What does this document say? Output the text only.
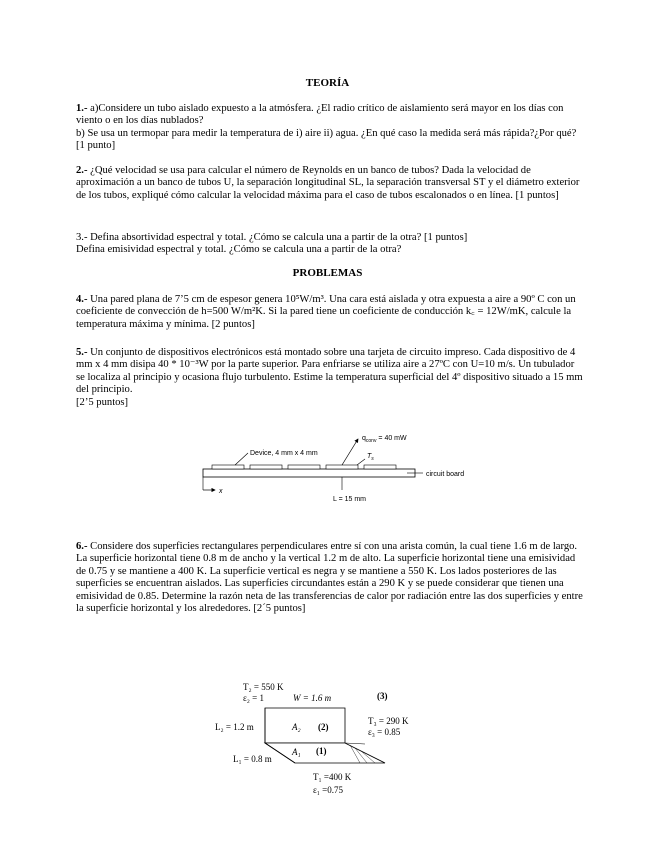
TEORÍA

1.- a)Considere un tubo aislado expuesto a la atmósfera. ¿El radio crítico de aislamiento será mayor en los días con viento o en los días nublados?

b) Se usa un termopar para medir la temperatura de i) aire ii) agua. ¿En qué caso la medida será más rápida?¿Por qué? [1 punto]

2.- ¿Qué velocidad se usa para calcular el número de Reynolds en un banco de tubos? Dada la velocidad de aproximación a un banco de tubos U, la separación longitudinal SL, la separación transversal ST y el diámetro exterior de los tubos, expliqué cómo calcular la velocidad máxima para el caso de tubos escalonados o en línea. [1 puntos]

3.- Defina absortividad espectral y total. ¿Cómo se calcula una a partir de la otra? [1 puntos]

Defina emisividad espectral y total. ¿Cómo se calcula una a partir de la otra?

PROBLEMAS

4.- Una pared plana de 7’5 cm de espesor genera 10⁵W/m³. Una cara está aislada y otra expuesta a aire a 90º C con un coeficiente de convección de h=500 W/m²K. Si la pared tiene un coeficiente de conducción k꜀ = 12W/mK, calcule la temperatura máxima y mínima. [2 puntos]

5.- Un conjunto de dispositivos electrónicos está montado sobre una tarjeta de circuito impreso. Cada dispositivo de 4 mm x 4 mm disipa 40 * 10⁻³W por la parte superior. Para enfriarse se utiliza aire a 27ºC con U=10 m/s. Un tubulador se localiza al principio y ocasiona flujo turbulento. Estime la temperatura superficial del 4º dispositivo situado a 15 mm del principio.

[2’5 puntos]

Device, 4 mm x 4 mm
$q_{conv} = 40$ mW
$T_s$
circuit board
x
L = 15 mm

6.- Considere dos superficies rectangulares perpendiculares entre sí con una arista común, la cual tiene 1.6 m de largo. La superficie horizontal tiene 0.8 m de ancho y la vertical 1.2 m de alto. La superficie horizontal tiene una emisividad de 0.75 y se mantiene a 400 K. La superficie vertical es negra y se mantiene a 550 K. Los lados posteriores de las superficies se encuentran aislados. Las superficies circundantes están a 290 K y se puede considerar que tienen una emisividad de 0.85. Determine la razón neta de las transferencias de calor por radiación entre las dos superficies y entre la superficie horizontal y los alrededores. [2´5 puntos]

T₂ = 550 K
ε₂ = 1	W = 1.6 m	(3)
L₂ = 1.2 m	A₂ (2)
T₃ = 290 K
ε₃ = 0.85
A₁ (1)
L₁ = 0.8 m
T₁ =400 K
ε₁ =0.75
